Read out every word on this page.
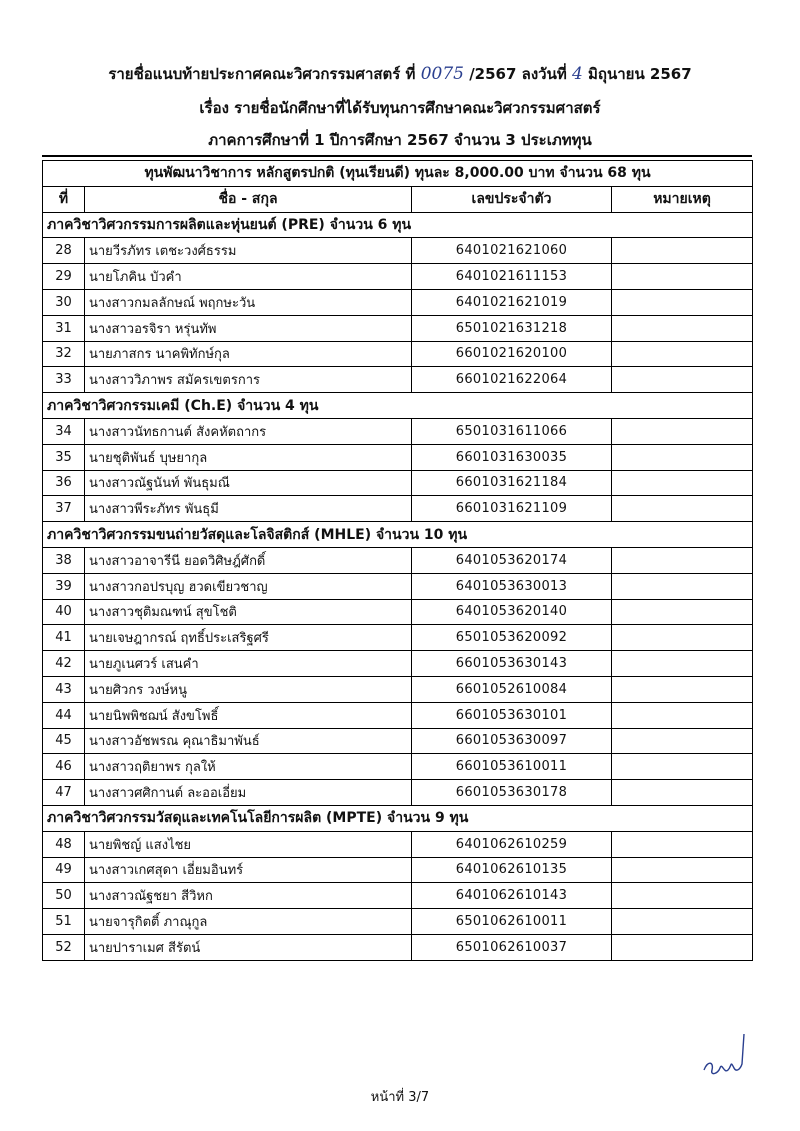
รายชื่อแนบท้ายประกาศคณะวิศวกรรมศาสตร์ ที่ 0075 /2567 ลงวันที่ 4 มิถุนายน 2567
เรื่อง รายชื่อนักศึกษาที่ได้รับทุนการศึกษาคณะวิศวกรรมศาสตร์
ภาคการศึกษาที่ 1 ปีการศึกษา 2567 จำนวน 3 ประเภททุน
ทุนพัฒนาวิชาการ หลักสูตรปกติ (ทุนเรียนดี) ทุนละ 8,000.00 บาท จำนวน 68 ทุน			
ที่	ชื่อ - สกุล	เลขประจำตัว	หมายเหตุ
ภาควิชาวิศวกรรมการผลิตและหุ่นยนต์ (PRE) จำนวน 6 ทุน			
28	นายวีรภัทร เตชะวงศ์ธรรม	6401021621060	
29	นายโภคิน บัวคำ	6401021611153	
30	นางสาวกมลลักษณ์ พฤกษะวัน	6401021621019	
31	นางสาวอรจิรา หรุ่นทัพ	6501021631218	
32	นายภาสกร นาคพิทักษ์กุล	6601021620100	
33	นางสาววิภาพร สมัครเขตรการ	6601021622064	
ภาควิชาวิศวกรรมเคมี (Ch.E) จำนวน 4 ทุน			
34	นางสาวนัทธกานต์ สังคหัตถากร	6501031611066	
35	นายชุติพันธ์ บุษยากุล	6601031630035	
36	นางสาวณัฐนันท์ พันธุมณี	6601031621184	
37	นางสาวพีระภัทร พันธุมี	6601031621109	
ภาควิชาวิศวกรรมขนถ่ายวัสดุและโลจิสติกส์ (MHLE) จำนวน 10 ทุน			
38	นางสาวอาจารีนี ยอดวิศิษฎ์ศักดิ์	6401053620174	
39	นางสาวกอปรบุญ ฮวดเขียวชาญ	6401053630013	
40	นางสาวชุติมณฑน์ สุขโชติ	6401053620140	
41	นายเจษฎากรณ์ ฤทธิ์ประเสริฐศรี	6501053620092	
42	นายภูเนศวร์ เสนคำ	6601053630143	
43	นายศิวกร วงษ์หนู	6601052610084	
44	นายนิพพิชฌน์ สังขโพธิ์	6601053630101	
45	นางสาวอัชพรณ คุณาธิมาพันธ์	6601053630097	
46	นางสาวฤติยาพร กุลให้	6601053610011	
47	นางสาวศศิกานต์ ละออเอี่ยม	6601053630178	
ภาควิชาวิศวกรรมวัสดุและเทคโนโลยีการผลิต (MPTE) จำนวน 9 ทุน			
48	นายพิชญ์ แสงไชย	6401062610259	
49	นางสาวเกศสุดา เอี่ยมอินทร์	6401062610135	
50	นางสาวณัฐชยา สีวิหก	6401062610143	
51	นายจารุกิตติ์ ภาณุกูล	6501062610011	
52	นายปาราเมศ สีรัตน์	6501062610037	
หน้าที่ 3/7
